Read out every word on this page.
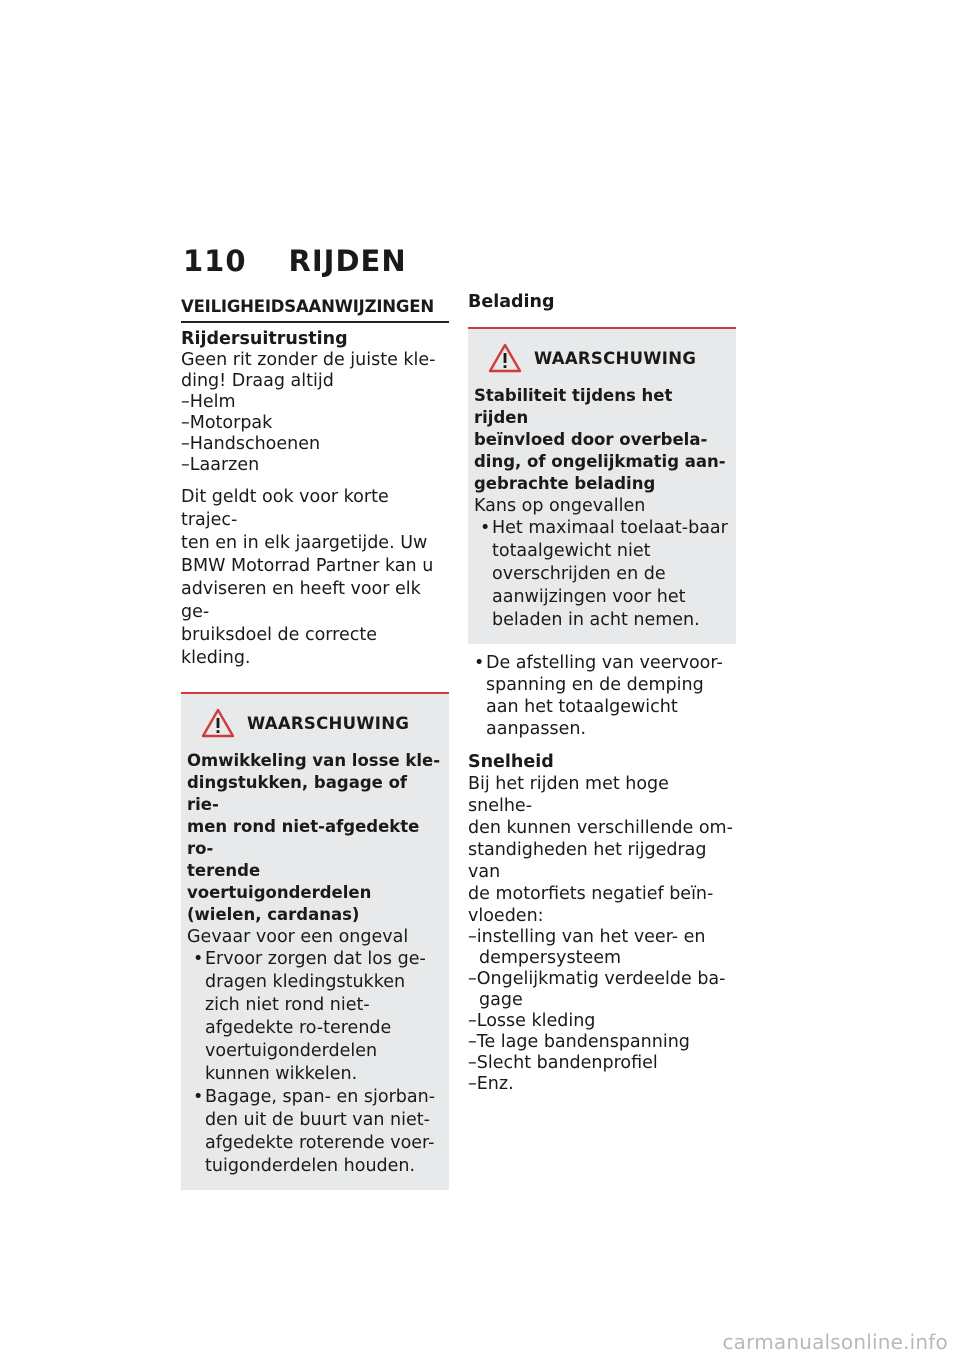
110 RIJDEN
VEILIGHEIDSAANWIJZINGEN
Rijdersuitrusting

Geen rit zonder de juiste kle-

ding! Draag altijd

– Helm
– Motorpak
– Handschoenen
– Laarzen

Dit geldt ook voor korte trajec-

ten en in elk jaargetijde. Uw

BMW Motorrad Partner kan u

adviseren en heeft voor elk ge-

bruiksdoel de correcte kleding.

WAARSCHUWING

Omwikkeling van losse kle-

dingstukken, bagage of rie-

men rond niet-afgedekte ro-

terende voertuigonderdelen

(wielen, cardanas)

Gevaar voor een ongeval

• Ervoor zorgen dat los ge-dragen kledingstukken zich niet rond niet-afgedekte ro-terende voertuigonderdelen kunnen wikkelen.
• Bagage, span- en sjorban-den uit de buurt van niet-afgedekte roterende voer-tuigonderdelen houden.
Belading
WAARSCHUWING

Stabiliteit tijdens het rijden

beïnvloed door overbela-

ding, of ongelijkmatig aan-

gebrachte belading

Kans op ongevallen

• Het maximaal toelaat-baar totaalgewicht niet overschrijden en de aanwijzingen voor het beladen in acht nemen.
• De afstelling van veervoor-spanning en de demping aan het totaalgewicht aanpassen.
Snelheid

Bij het rijden met hoge snelhe-

den kunnen verschillende om-

standigheden het rijgedrag van

de motorfiets negatief beïn-

vloeden:

– instelling van het veer- en dempersysteem
– Ongelijkmatig verdeelde ba-gage
– Losse kleding
– Te lage bandenspanning
– Slecht bandenprofiel
– Enz.
carmanualsonline.info
